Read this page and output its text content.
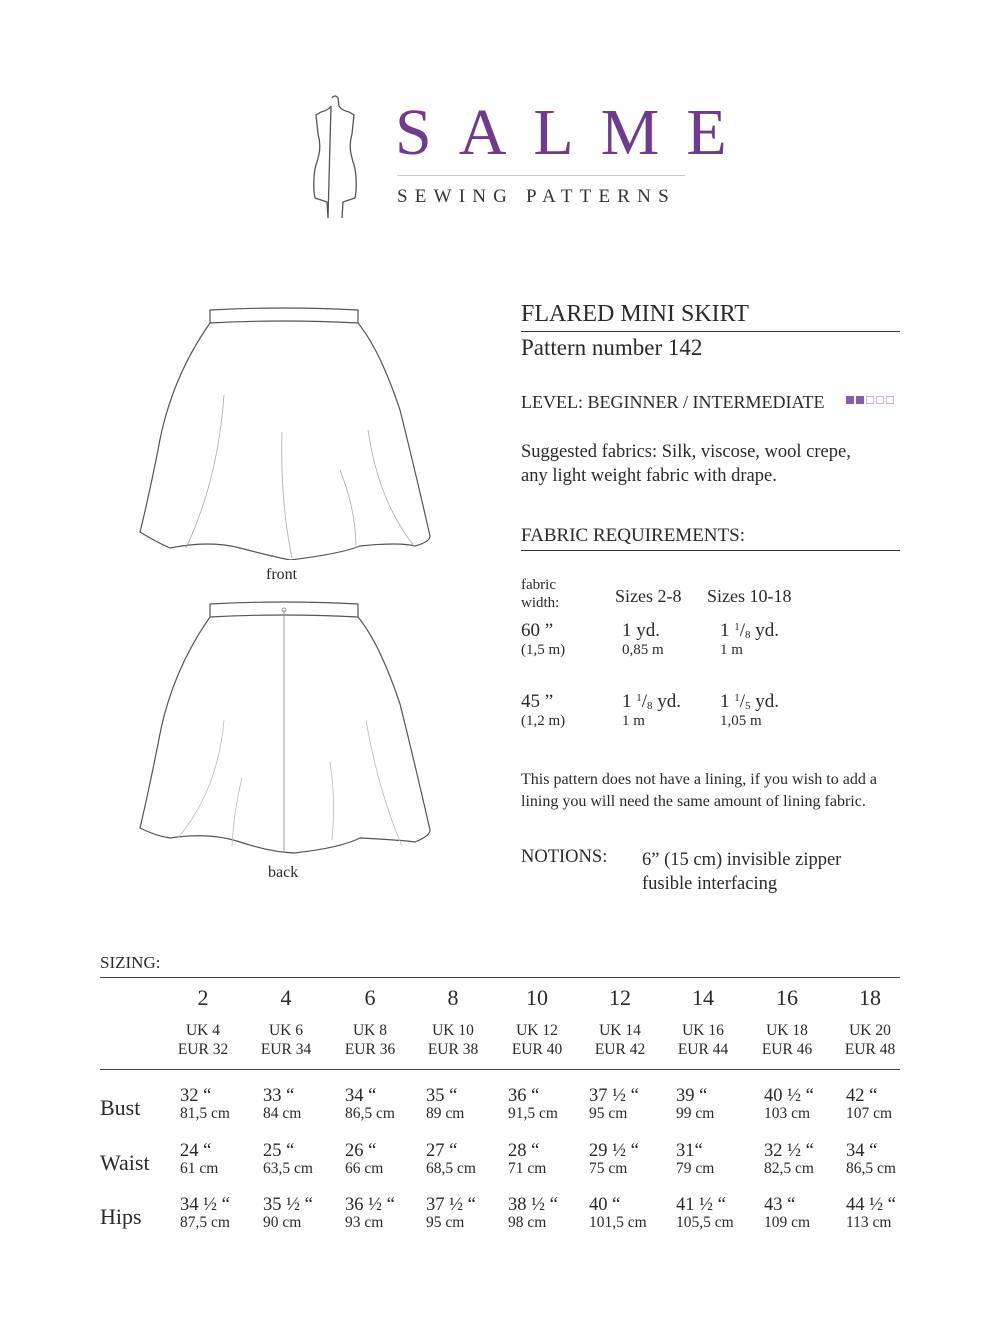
SALME
SEWING PATTERNS
front
back
FLARED MINI SKIRT
Pattern number 142
LEVEL: BEGINNER / INTERMEDIATE
Suggested fabrics: Silk, viscose, wool crepe,
any light weight fabric with drape.
FABRIC REQUIREMENTS:
fabric
width:	Sizes 2-8 Sizes 10-18
60 ”
(1,5 m)
1 yd.
0,85 m
1 $^1/_8$ yd.
1 m
45 ”
(1,2 m)
1 $^1/_8$ yd.
1 m
1 $^1/_5$ yd.
1,05 m
This pattern does not have a lining, if you wish to add a
lining you will need the same amount of lining fabric.
NOTIONS: 6” (15 cm) invisible zipper
fusible interfacing
SIZING:
2
UK 4
EUR 32
4
UK 6
EUR 34
6
UK 8
EUR 36
8
UK 10
EUR 38
10
UK 12
EUR 40
12
UK 14
EUR 42
14
UK 16
EUR 44
16
UK 18
EUR 46
18
UK 20
EUR 48
Bust 32 “
81,5 cm
33 “
84 cm
34 “
86,5 cm
35 “
89 cm
36 “
91,5 cm
37 ½ “
95 cm
39 “
99 cm
40 ½ “
103 cm
42 “
107 cm
Waist 24 “
61 cm
25 “
63,5 cm
26 “
66 cm
27 “
68,5 cm
28 “
71 cm
29 ½ “
75 cm
31“
79 cm
32 ½ “
82,5 cm
34 “
86,5 cm
Hips 34 ½ “
87,5 cm
35 ½ “
90 cm
36 ½ “
93 cm
37 ½ “
95 cm
38 ½ “
98 cm
40 “
101,5 cm
41 ½ “
105,5 cm
43 “
109 cm
44 ½ “
113 cm
